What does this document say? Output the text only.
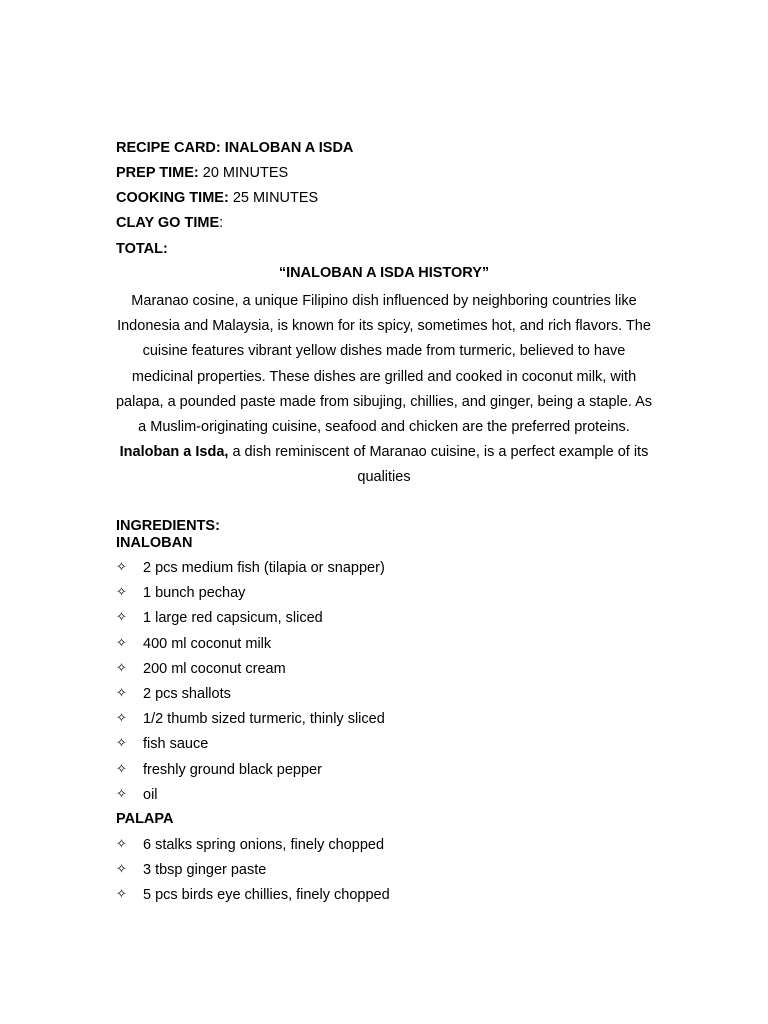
RECIPE CARD: INALOBAN A ISDA
PREP TIME: 20 MINUTES
COOKING TIME: 25 MINUTES
CLAY GO TIME:
TOTAL:
“INALOBAN A ISDA HISTORY”
Maranao cosine, a unique Filipino dish influenced by neighboring countries like Indonesia and Malaysia, is known for its spicy, sometimes hot, and rich flavors. The cuisine features vibrant yellow dishes made from turmeric, believed to have medicinal properties. These dishes are grilled and cooked in coconut milk, with palapa, a pounded paste made from sibujing, chillies, and ginger, being a staple. As a Muslim-originating cuisine, seafood and chicken are the preferred proteins. Inaloban a Isda, a dish reminiscent of Maranao cuisine, is a perfect example of its qualities
INGREDIENTS:
INALOBAN
✧	2 pcs medium fish (tilapia or snapper)
✧	1 bunch pechay
✧	1 large red capsicum, sliced
✧	400 ml coconut milk
✧	200 ml coconut cream
✧	2 pcs shallots
✧	1/2 thumb sized turmeric, thinly sliced
✧	fish sauce
✧	freshly ground black pepper
✧	oil
PALAPA
✧	6 stalks spring onions, finely chopped
✧	3 tbsp ginger paste
✧	5 pcs birds eye chillies, finely chopped
